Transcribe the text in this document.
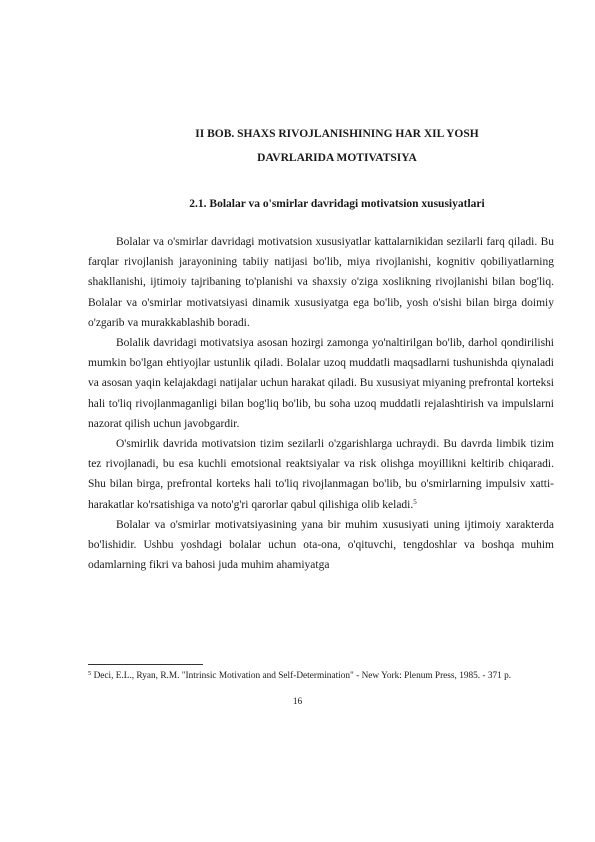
II BOB. SHAXS RIVOJLANISHINING HAR XIL YOSH
DAVRLARIDA MOTIVATSIYA
2.1. Bolalar va o'smirlar davridagi motivatsion xususiyatlari

Bolalar va o'smirlar davridagi motivatsion xususiyatlar kattalarnikidan sezilarli farq qiladi. Bu farqlar rivojlanish jarayonining tabiiy natijasi bo'lib, miya rivojlanishi, kognitiv qobiliyatlarning shakllanishi, ijtimoiy tajribaning to'planishi va shaxsiy o'ziga xoslikning rivojlanishi bilan bog'liq. Bolalar va o'smirlar motivatsiyasi dinamik xususiyatga ega bo'lib, yosh o'sishi bilan birga doimiy o'zgarib va murakkablashib boradi.

Bolalik davridagi motivatsiya asosan hozirgi zamonga yo'naltirilgan bo'lib, darhol qondirilishi mumkin bo'lgan ehtiyojlar ustunlik qiladi. Bolalar uzoq muddatli maqsadlarni tushunishda qiynaladi va asosan yaqin kelajakdagi natijalar uchun harakat qiladi. Bu xususiyat miyaning prefrontal korteksi hali to'liq rivojlanmaganligi bilan bog'liq bo'lib, bu soha uzoq muddatli rejalashtirish va impulslarni nazorat qilish uchun javobgardir.

O'smirlik davrida motivatsion tizim sezilarli o'zgarishlarga uchraydi. Bu davrda limbik tizim tez rivojlanadi, bu esa kuchli emotsional reaktsiyalar va risk olishga moyillikni keltirib chiqaradi. Shu bilan birga, prefrontal korteks hali to'liq rivojlanmagan bo'lib, bu o'smirlarning impulsiv xatti-harakatlar ko'rsatishiga va noto'g'ri qarorlar qabul qilishiga olib keladi.$^5$

Bolalar va o'smirlar motivatsiyasining yana bir muhim xususiyati uning ijtimoiy xarakterda bo'lishidir. Ushbu yoshdagi bolalar uchun ota-ona, o'qituvchi, tengdoshlar va boshqa muhim odamlarning fikri va bahosi juda muhim ahamiyatga

$^5$ Deci, E.L., Ryan, R.M. "Intrinsic Motivation and Self-Determination" - New York: Plenum Press, 1985. - 371 p.
16
